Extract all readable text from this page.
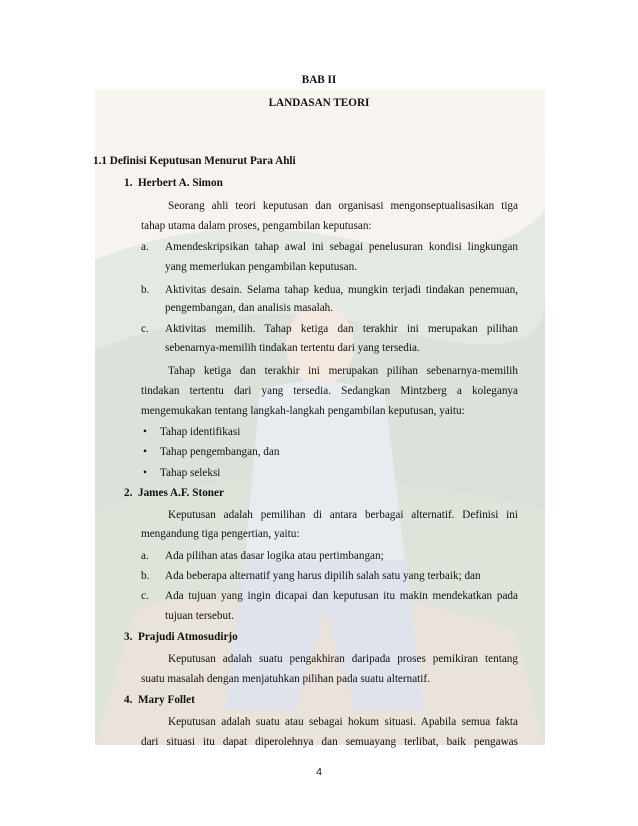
BAB II
LANDASAN TEORI
1.1 Definisi Keputusan Menurut Para Ahli
1. Herbert A. Simon
Seorang ahli teori keputusan dan organisasi mengonseptualisasikan tiga
tahap utama dalam proses, pengambilan keputusan:
a. Amendeskripsikan tahap awal ini sebagai penelusuran kondisi lingkungan
yang memerlukan pengambilan keputusan.
b. Aktivitas desain. Selama tahap kedua, mungkin terjadi tindakan penemuan,
pengembangan, dan analisis masalah.
c. Aktivitas memilih. Tahap ketiga dan terakhir ini merupakan pilihan
sebenarnya-memilih tindakan tertentu dari yang tersedia.
Tahap ketiga dan terakhir ini merupakan pilihan sebenarnya-memilih
tindakan tertentu dari yang tersedia. Sedangkan Mintzberg a koleganya
mengemukakan tentang langkah-langkah pengambilan keputusan, yaitu:
• Tahap identifikasi
• Tahap pengembangan, dan
• Tahap seleksi
2. James A.F. Stoner
Keputusan adalah pemilihan di antara berbagai alternatif. Definisi ini
mengandung tiga pengertian, yaitu:
a. Ada pilihan atas dasar logika atau pertimbangan;
b. Ada beberapa alternatif yang harus dipilih salah satu yang terbaik; dan
c. Ada tujuan yang ingin dicapai dan keputusan itu makin mendekatkan pada
tujuan tersebut.
3. Prajudi Atmosudirjo
Keputusan adalah suatu pengakhiran daripada proses pemikiran tentang
suatu masalah dengan menjatuhkan pilihan pada suatu alternatif.
4. Mary Follet
Keputusan adalah suatu atau sebagai hokum situasi. Apabila semua fakta
dari situasi itu dapat diperolehnya dan semuayang terlibat, baik pengawas
4
